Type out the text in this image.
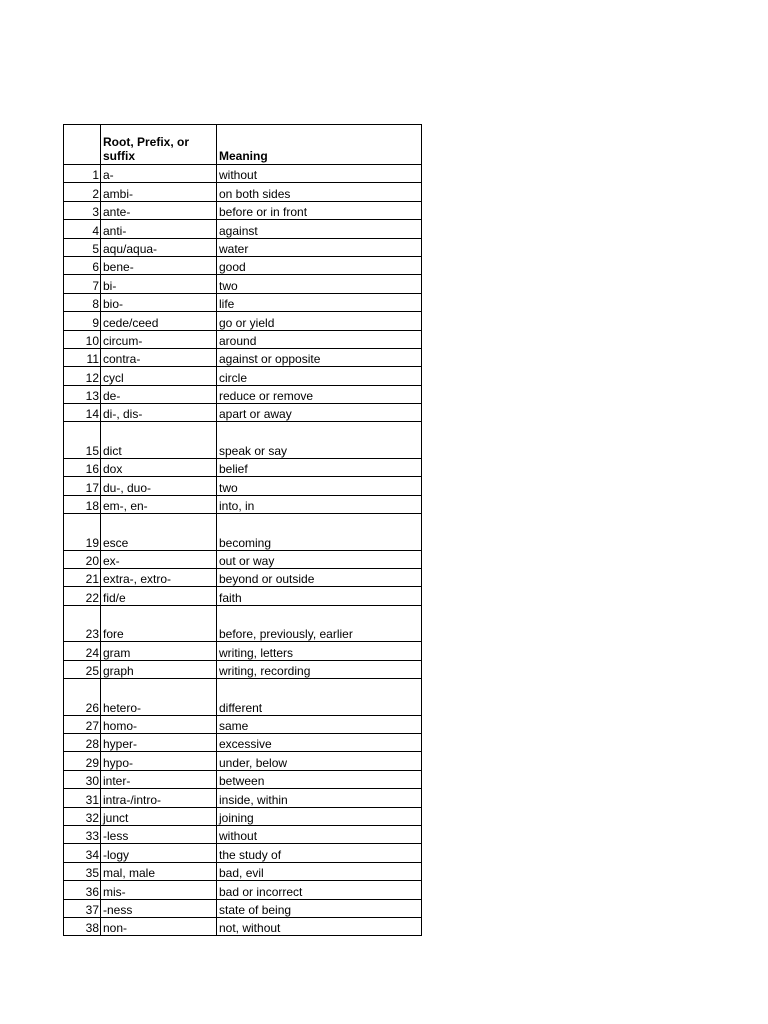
	Root, Prefix, or suffix	Meaning
1	a-	without
2	ambi-	on both sides
3	ante-	before or in front
4	anti-	against
5	aqu/aqua-	water
6	bene-	good
7	bi-	two
8	bio-	life
9	cede/ceed	go or yield
10	circum-	around
11	contra-	against or opposite
12	cycl	circle
13	de-	reduce or remove
14	di-, dis-	apart or away
15	dict	speak or say
16	dox	belief
17	du-, duo-	two
18	em-, en-	into, in
19	esce	becoming
20	ex-	out or way
21	extra-, extro-	beyond or outside
22	fid/e	faith
23	fore	before, previously, earlier
24	gram	writing, letters
25	graph	writing, recording
26	hetero-	different
27	homo-	same
28	hyper-	excessive
29	hypo-	under, below
30	inter-	between
31	intra-/intro-	inside, within
32	junct	joining
33	-less	without
34	-logy	the study of
35	mal, male	bad, evil
36	mis-	bad or incorrect
37	-ness	state of being
38	non-	not, without
